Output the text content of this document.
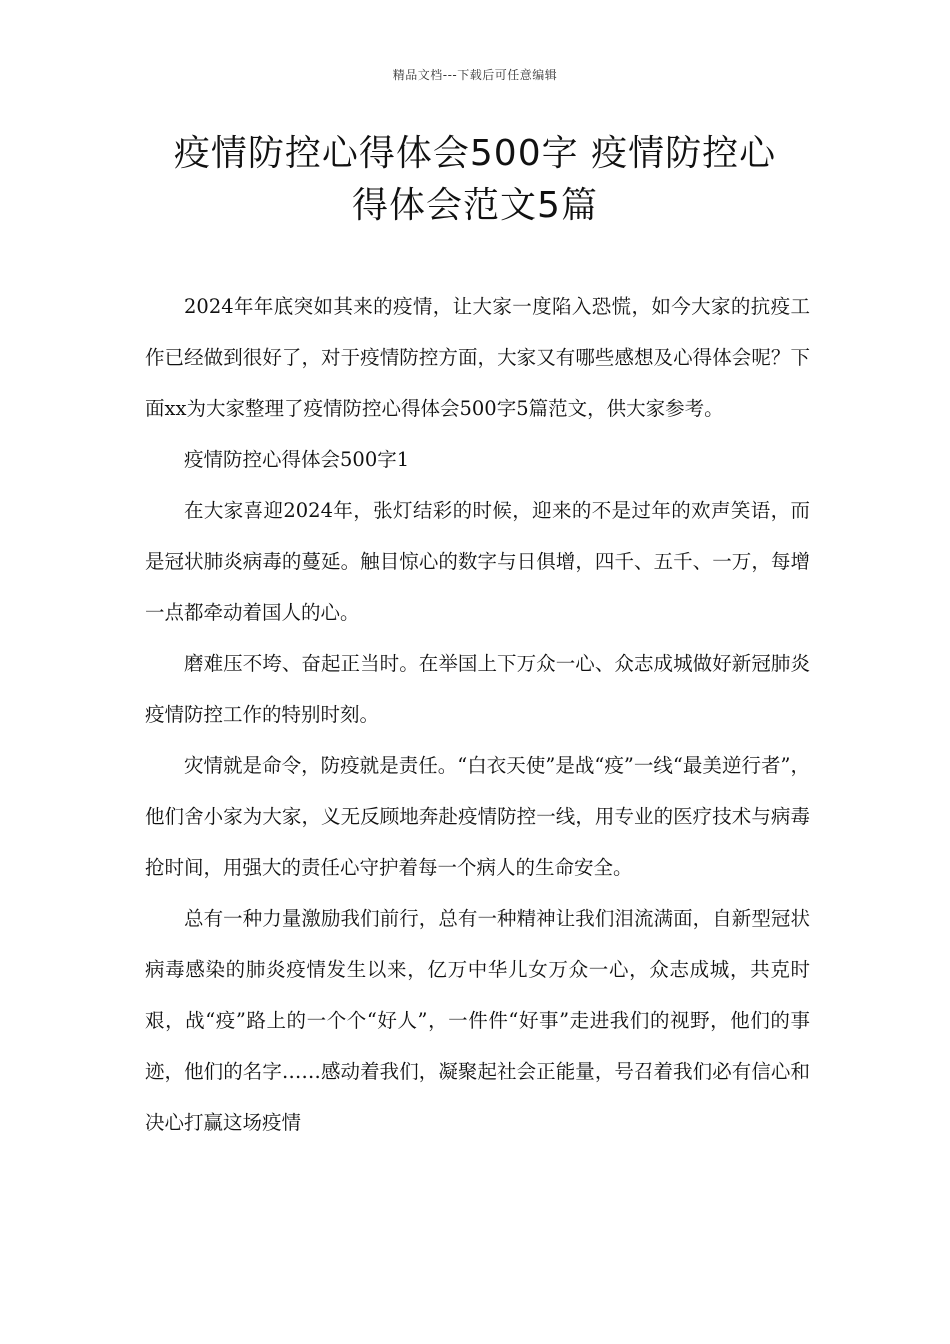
精品文档---下载后可任意编辑
疫情防控心得体会500字 疫情防控心
得体会范文5篇

2024年年底突如其来的疫情，让大家一度陷入恐慌，如今大家的抗疫工作已经做到很好了，对于疫情防控方面，大家又有哪些感想及心得体会呢？下面xx为大家整理了疫情防控心得体会500字5篇范文，供大家参考。

疫情防控心得体会500字1

在大家喜迎2024年，张灯结彩的时候，迎来的不是过年的欢声笑语，而是冠状肺炎病毒的蔓延。触目惊心的数字与日俱增，四千、五千、一万，每增一点都牵动着国人的心。

磨难压不垮、奋起正当时。在举国上下万众一心、众志成城做好新冠肺炎疫情防控工作的特别时刻。

灾情就是命令，防疫就是责任。“白衣天使”是战“疫”一线“最美逆行者”，他们舍小家为大家，义无反顾地奔赴疫情防控一线，用专业的医疗技术与病毒抢时间，用强大的责任心守护着每一个病人的生命安全。

总有一种力量激励我们前行，总有一种精神让我们泪流满面，自新型冠状病毒感染的肺炎疫情发生以来，亿万中华儿女万众一心，众志成城，共克时艰，战“疫”路上的一个个“好人”，一件件“好事”走进我们的视野，他们的事迹，他们的名字……感动着我们，凝聚起社会正能量，号召着我们必有信心和决心打赢这场疫情
